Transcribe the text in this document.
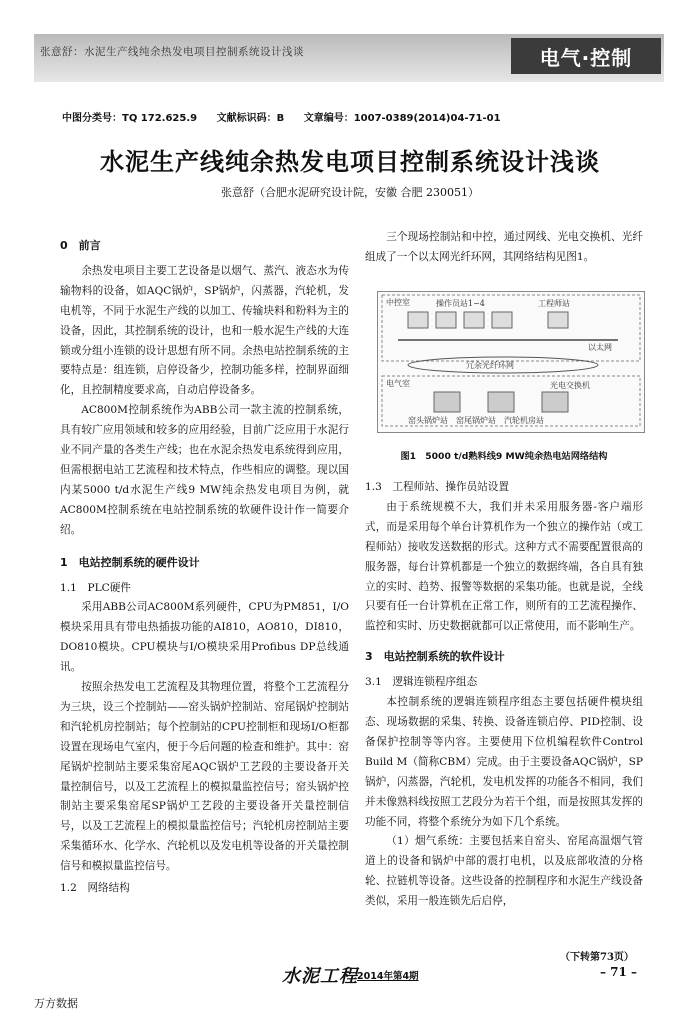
张意舒：水泥生产线纯余热发电项目控制系统设计浅谈	电气·控制
中图分类号：TQ 172.625.9 文献标识码：B 文章编号：1007-0389(2014)04-71-01
水泥生产线纯余热发电项目控制系统设计浅谈
张意舒（合肥水泥研究设计院，安徽 合肥 230051）
0　前言

余热发电项目主要工艺设备是以烟气、蒸汽、液态水为传输物料的设备，如AQC锅炉，SP锅炉，闪蒸器，汽轮机，发电机等，不同于水泥生产线的以加工、传输块料和粉料为主的设备，因此，其控制系统的设计，也和一般水泥生产线的大连锁或分组小连锁的设计思想有所不同。余热电站控制系统的主要特点是：组连锁，启停设备少，控制功能多样，控制界面细化，且控制精度要求高，自动启停设备多。

AC800M控制系统作为ABB公司一款主流的控制系统，具有较广应用领域和较多的应用经验，目前广泛应用于水泥行业不同产量的各类生产线；也在水泥余热发电系统得到应用，但需根据电站工艺流程和技术特点，作些相应的调整。现以国内某5000 t/d水泥生产线9 MW纯余热发电项目为例，就AC800M控制系统在电站控制系统的软硬件设计作一简要介绍。

1　电站控制系统的硬件设计
1.1　PLC硬件

采用ABB公司AC800M系列硬件，CPU为PM851，I/O模块采用具有带电热插拔功能的AI810，AO810，DI810，DO810模块。CPU模块与I/O模块采用Profibus DP总线通讯。

按照余热发电工艺流程及其物理位置，将整个工艺流程分为三块，设三个控制站——窑头锅炉控制站、窑尾锅炉控制站和汽轮机房控制站；每个控制站的CPU控制柜和现场I/O柜都设置在现场电气室内，便于今后问题的检查和维护。其中：窑尾锅炉控制站主要采集窑尾AQC锅炉工艺段的主要设备开关量控制信号，以及工艺流程上的模拟量监控信号；窑头锅炉控制站主要采集窑尾SP锅炉工艺段的主要设备开关量控制信号，以及工艺流程上的模拟量监控信号；汽轮机房控制站主要采集循环水、化学水、汽轮机以及发电机等设备的开关量控制信号和模拟量监控信号。

1.2　网络结构

三个现场控制站和中控，通过网线、光电交换机、光纤组成了一个以太网光纤环网，其网络结构见图1。

中控室	操作员站1~4	工程师站
以太网
冗余光纤环网
电气室	光电交换机
窑头锅炉站　窑尾锅炉站　汽轮机房站
图1　5000 t/d熟料线9 MW纯余热电站网络结构
1.3　工程师站、操作员站设置

由于系统规模不大，我们并未采用服务器-客户端形式，而是采用每个单台计算机作为一个独立的操作站（或工程师站）接收发送数据的形式。这种方式不需要配置很高的服务器，每台计算机都是一个独立的数据终端，各自具有独立的实时、趋势、报警等数据的采集功能。也就是说，全线只要有任一台计算机在正常工作，则所有的工艺流程操作、监控和实时、历史数据就都可以正常使用，而不影响生产。

3　电站控制系统的软件设计
3.1　逻辑连锁程序组态

本控制系统的逻辑连锁程序组态主要包括硬件模块组态、现场数据的采集、转换、设备连锁启停、PID控制、设备保护控制等等内容。主要使用下位机编程软件Control Build M（简称CBM）完成。由于主要设备AQC锅炉，SP锅炉，闪蒸器，汽轮机，发电机发挥的功能各不相同，我们并未像熟料线按照工艺段分为若干个组，而是按照其发挥的功能不同，将整个系统分为如下几个系统。

（1）烟气系统：主要包括来自窑头、窑尾高温烟气管道上的设备和锅炉中部的震打电机，以及底部收渣的分格轮、拉链机等设备。这些设备的控制程序和水泥生产线设备类似，采用一般连锁先后启停，

（下转第73页）
水泥工程 2014年第4期	– 71 –
万方数据
